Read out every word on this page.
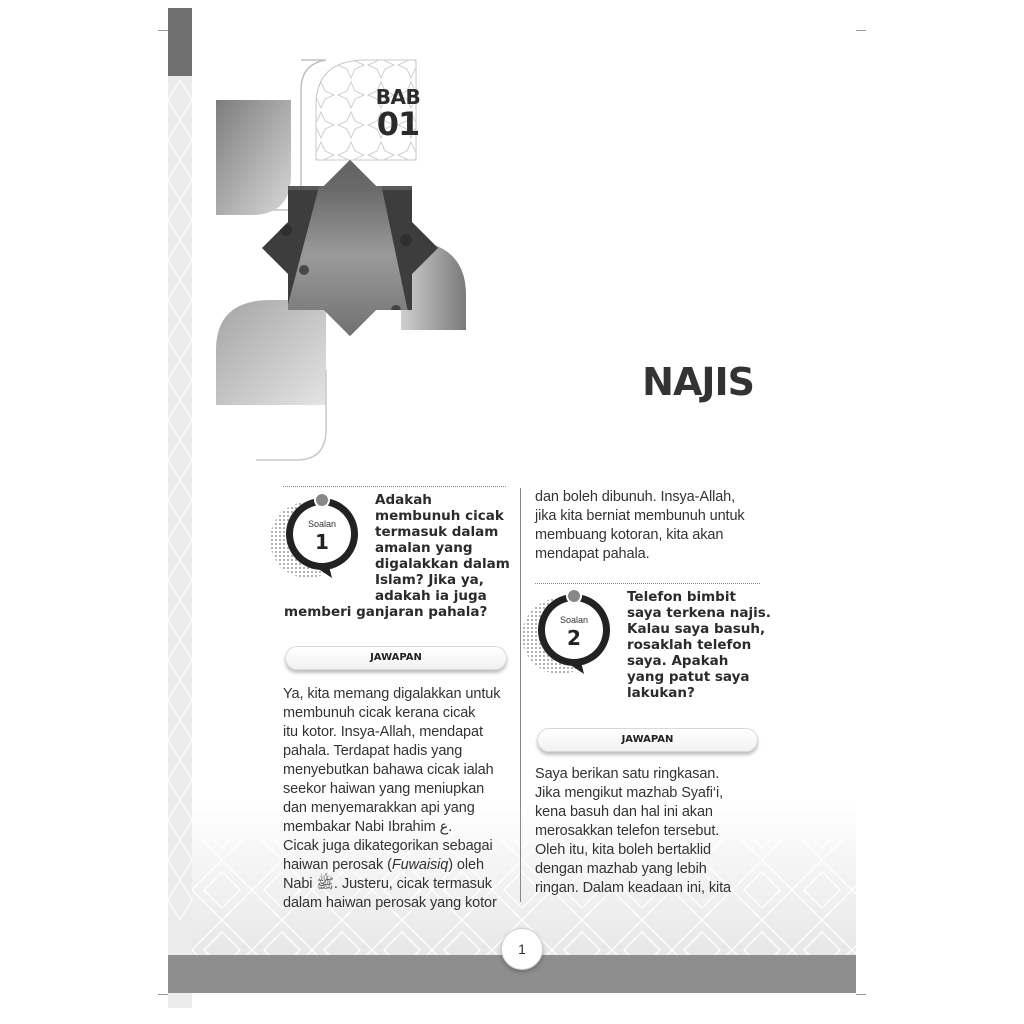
1
BAB
01
NAJIS
Soalan
1
Adakah
membunuh cicak
termasuk dalam
amalan yang
digalakkan dalam
Islam? Jika ya,
adakah ia juga
memberi ganjaran pahala?
JAWAPAN
Ya, kita memang digalakkan untuk
membunuh cicak kerana cicak
itu kotor. Insya-Allah, mendapat
pahala. Terdapat hadis yang
menyebutkan bahawa cicak ialah
seekor haiwan yang meniupkan
dan menyemarakkan api yang
membakar Nabi Ibrahim ع.
Cicak juga dikategorikan sebagai
haiwan perosak (Fuwaisiq) oleh
Nabi ﷺ. Justeru, cicak termasuk
dalam haiwan perosak yang kotor
dan boleh dibunuh. Insya-Allah,
jika kita berniat membunuh untuk
membuang kotoran, kita akan
mendapat pahala.
Soalan
2
Telefon bimbit
saya terkena najis.
Kalau saya basuh,
rosaklah telefon
saya. Apakah
yang patut saya
lakukan?
JAWAPAN
Saya berikan satu ringkasan.
Jika mengikut mazhab Syafi‘i,
kena basuh dan hal ini akan
merosakkan telefon tersebut.
Oleh itu, kita boleh bertaklid
dengan mazhab yang lebih
ringan. Dalam keadaan ini, kita
